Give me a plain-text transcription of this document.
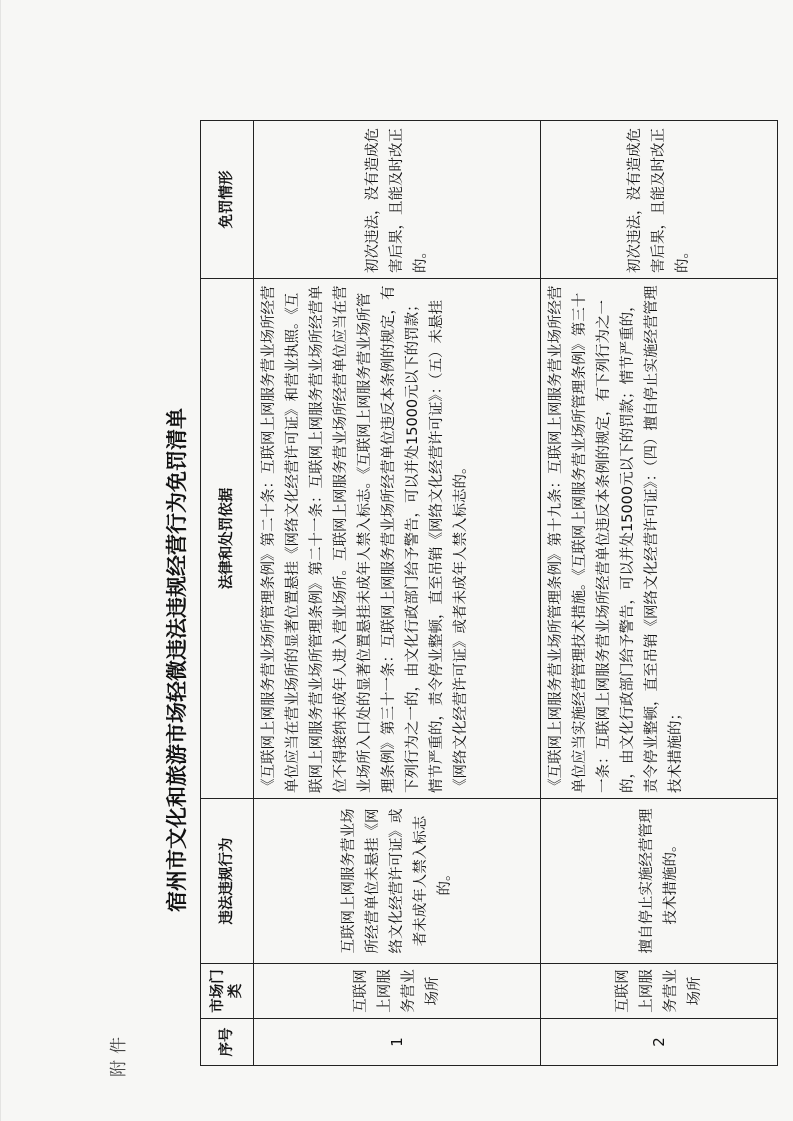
附件
宿州市文化和旅游市场轻微违法违规经营行为免罚清单
序号	市场门类	违法违规行为	法律和处罚依据	免罚情形
1	互联网上网服务营业场所	互联网上网服务营业场所经营单位未悬挂《网络文化经营许可证》或者未成年人禁入标志的。	《互联网上网服务营业场所管理条例》第二十条：互联网上网服务营业场所经营单位应当在营业场所的显著位置悬挂《网络文化经营许可证》和营业执照。《互联网上网服务营业场所管理条例》第二十一条：互联网上网服务营业场所经营单位不得接纳未成年人进入营业场所。互联网上网服务营业场所经营单位应当在营业场所入口处的显著位置悬挂未成年人禁入标志。《互联网上网服务营业场所管理条例》第三十一条：互联网上网服务营业场所经营单位违反本条例的规定，有下列行为之一的，由文化行政部门给予警告，可以并处15000元以下的罚款；情节严重的，责令停业整顿，直至吊销《网络文化经营许可证》：（五）未悬挂《网络文化经营许可证》或者未成年人禁入标志的。	初次违法，没有造成危害后果，且能及时改正的。
2	互联网上网服务营业场所	擅自停止实施经营管理技术措施的。	《互联网上网服务营业场所管理条例》第十九条：互联网上网服务营业场所经营单位应当实施经营管理技术措施。《互联网上网服务营业场所管理条例》第三十一条：互联网上网服务营业场所经营单位违反本条例的规定，有下列行为之一的，由文化行政部门给予警告，可以并处15000元以下的罚款；情节严重的，责令停业整顿，直至吊销《网络文化经营许可证》：（四）擅自停止实施经营管理技术措施的；	初次违法，没有造成危害后果，且能及时改正的。
